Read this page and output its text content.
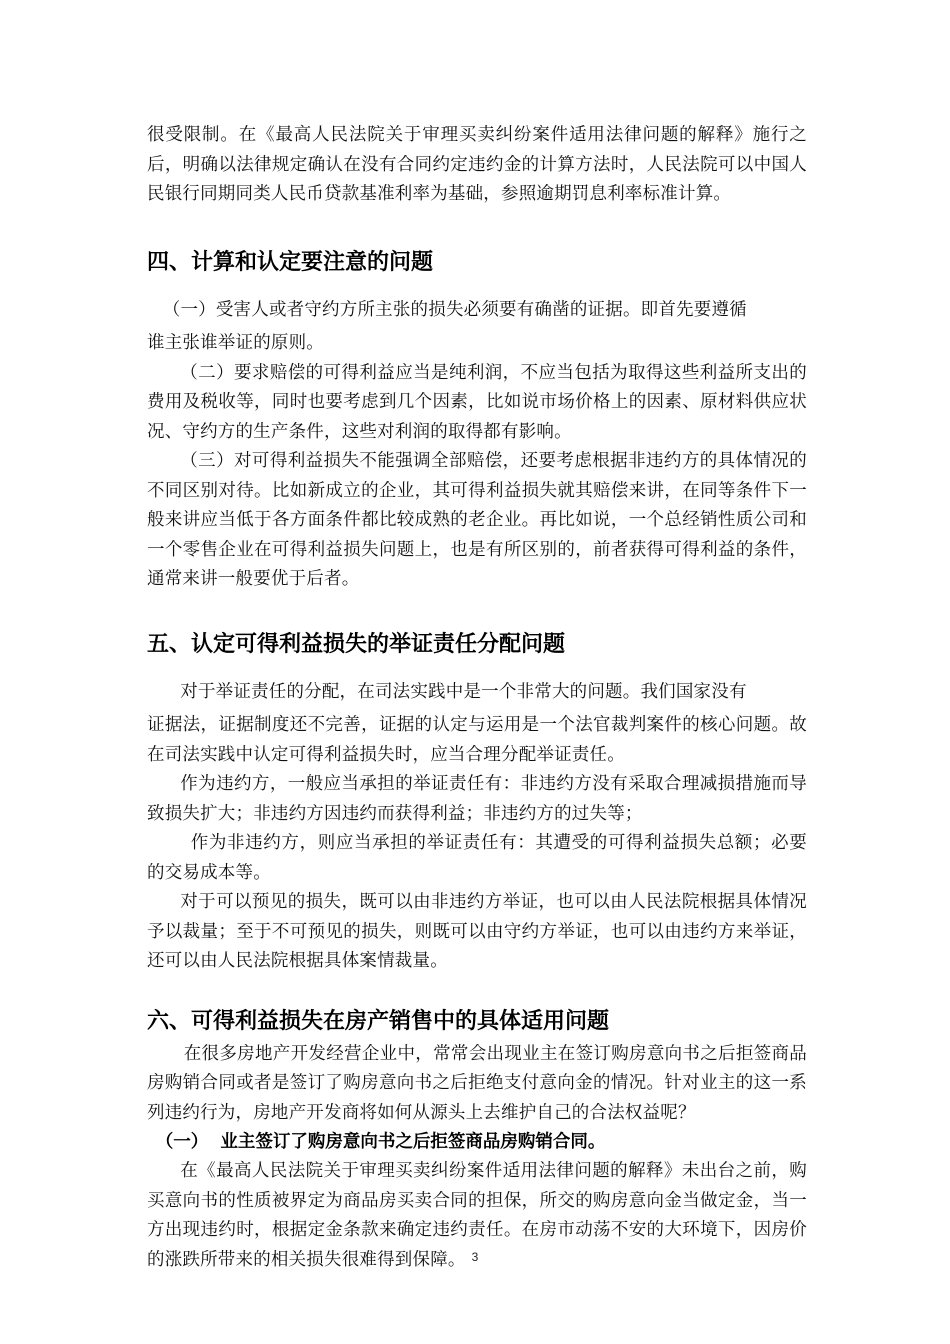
很受限制。在《最高人民法院关于审理买卖纠纷案件适用法律问题的解释》施行之后，明确以法律规定确认在没有合同约定违约金的计算方法时，人民法院可以中国人民银行同期同类人民币贷款基准利率为基础，参照逾期罚息利率标准计算。

四、计算和认定要注意的问题

（一）受害人或者守约方所主张的损失必须要有确凿的证据。即首先要遵循

谁主张谁举证的原则。

（二）要求赔偿的可得利益应当是纯利润，不应当包括为取得这些利益所支出的费用及税收等，同时也要考虑到几个因素，比如说市场价格上的因素、原材料供应状况、守约方的生产条件，这些对利润的取得都有影响。

（三）对可得利益损失不能强调全部赔偿，还要考虑根据非违约方的具体情况的不同区别对待。比如新成立的企业，其可得利益损失就其赔偿来讲，在同等条件下一般来讲应当低于各方面条件都比较成熟的老企业。再比如说，一个总经销性质公司和一个零售企业在可得利益损失问题上，也是有所区别的，前者获得可得利益的条件，通常来讲一般要优于后者。

五、认定可得利益损失的举证责任分配问题

对于举证责任的分配，在司法实践中是一个非常大的问题。我们国家没有

证据法，证据制度还不完善，证据的认定与运用是一个法官裁判案件的核心问题。故在司法实践中认定可得利益损失时，应当合理分配举证责任。

作为违约方，一般应当承担的举证责任有：非违约方没有采取合理减损措施而导致损失扩大；非违约方因违约而获得利益；非违约方的过失等；

作为非违约方，则应当承担的举证责任有：其遭受的可得利益损失总额；必要的交易成本等。

对于可以预见的损失，既可以由非违约方举证，也可以由人民法院根据具体情况予以裁量；至于不可预见的损失，则既可以由守约方举证，也可以由违约方来举证，还可以由人民法院根据具体案情裁量。

六、可得利益损失在房产销售中的具体适用问题

在很多房地产开发经营企业中，常常会出现业主在签订购房意向书之后拒签商品房购销合同或者是签订了购房意向书之后拒绝支付意向金的情况。针对业主的这一系列违约行为，房地产开发商将如何从源头上去维护自己的合法权益呢？

（一）  业主签订了购房意向书之后拒签商品房购销合同。

在《最高人民法院关于审理买卖纠纷案件适用法律问题的解释》未出台之前，购买意向书的性质被界定为商品房买卖合同的担保，所交的购房意向金当做定金，当一方出现违约时，根据定金条款来确定违约责任。在房市动荡不安的大环境下，因房价的涨跌所带来的相关损失很难得到保障。 3
